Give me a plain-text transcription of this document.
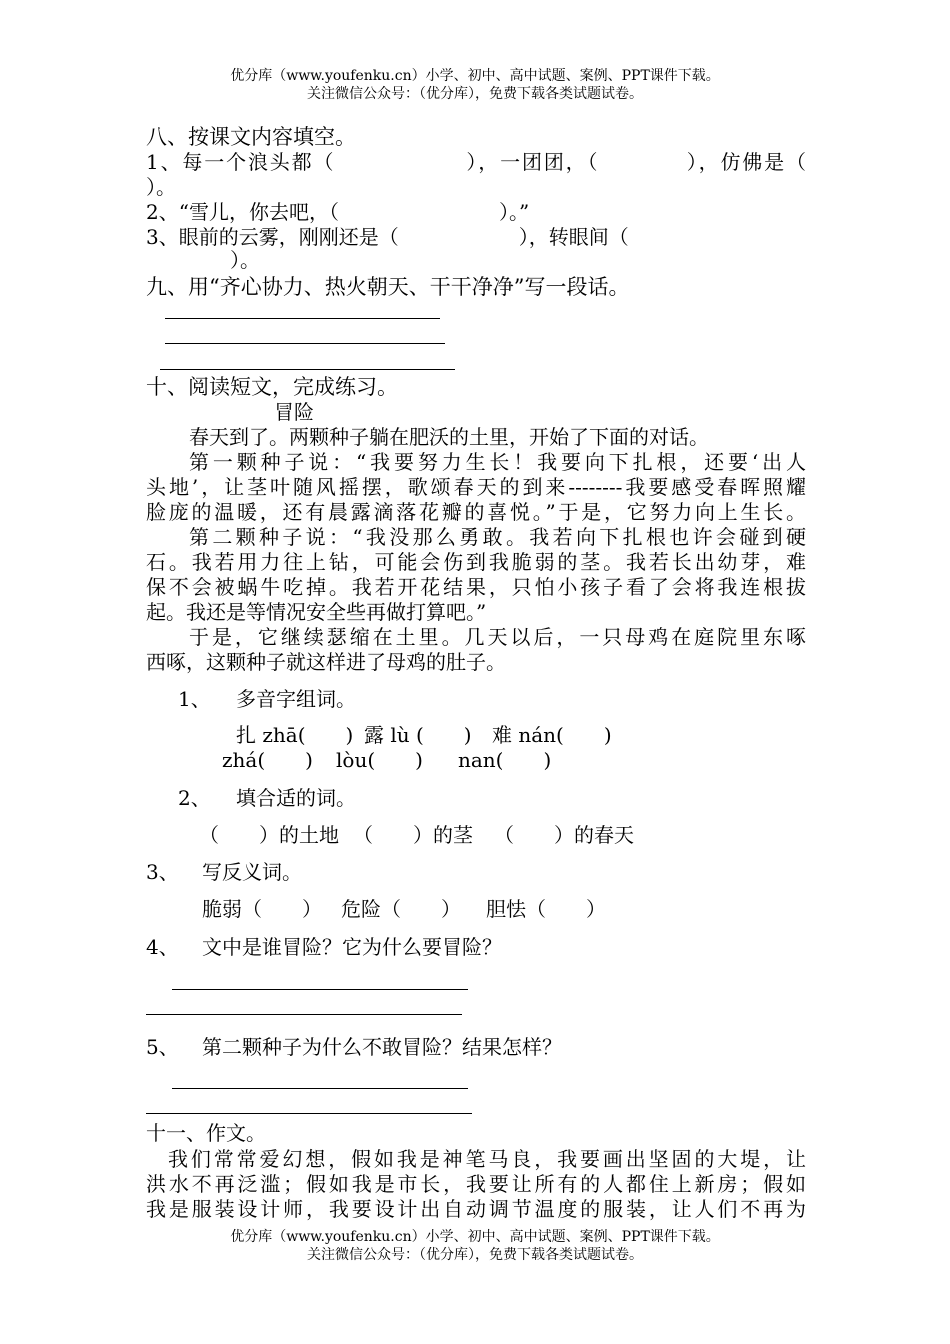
优分库（www.youfenku.cn）小学、初中、高中试题、案例、PPT课件下载。
关注微信公众号：（优分库），免费下载各类试题试卷。
八、按课文内容填空。
1、每一个浪头都（　　　　　　），一团团，（　　　　），仿佛是（
）。
2、“雪儿，你去吧，（　　　　　　　　）。”
3、眼前的云雾，刚刚还是（　　　　　　），转眼间（
）。
九、用“齐心协力、热火朝天、干干净净”写一段话。
十、阅读短文，完成练习。
冒险
春天到了。两颗种子躺在肥沃的土里，开始了下面的对话。
第一颗种子说：“我要努力生长！我要向下扎根，还要‘出人
头地’，让茎叶随风摇摆，歌颂春天的到来--------我要感受春晖照耀
脸庞的温暖，还有晨露滴落花瓣的喜悦。”于是，它努力向上生长。
第二颗种子说：“我没那么勇敢。我若向下扎根也许会碰到硬
石。我若用力往上钻，可能会伤到我脆弱的茎。我若长出幼芽，难
保不会被蜗牛吃掉。我若开花结果，只怕小孩子看了会将我连根拔
起。我还是等情况安全些再做打算吧。”
于是，它继续瑟缩在土里。几天以后，一只母鸡在庭院里东啄
西啄，这颗种子就这样进了母鸡的肚子。
1、 多音字组词。
扎 zhā(　　) 露 lù (　　) 难 nán(　　)
zhá(　　) lòu(　　) nan(　　)
2、 填合适的词。
（　　）的土地 （　　）的茎 （　　）的春天
3、 写反义词。
脆弱（　　） 危险（　　） 胆怯（　　）
4、 文中是谁冒险？它为什么要冒险？
5、 第二颗种子为什么不敢冒险？结果怎样？
十一、作文。
我们常常爱幻想，假如我是神笔马良，我要画出坚固的大堤，让
洪水不再泛滥；假如我是市长，我要让所有的人都住上新房；假如
我是服装设计师，我要设计出自动调节温度的服装，让人们不再为
优分库（www.youfenku.cn）小学、初中、高中试题、案例、PPT课件下载。
关注微信公众号：（优分库），免费下载各类试题试卷。
